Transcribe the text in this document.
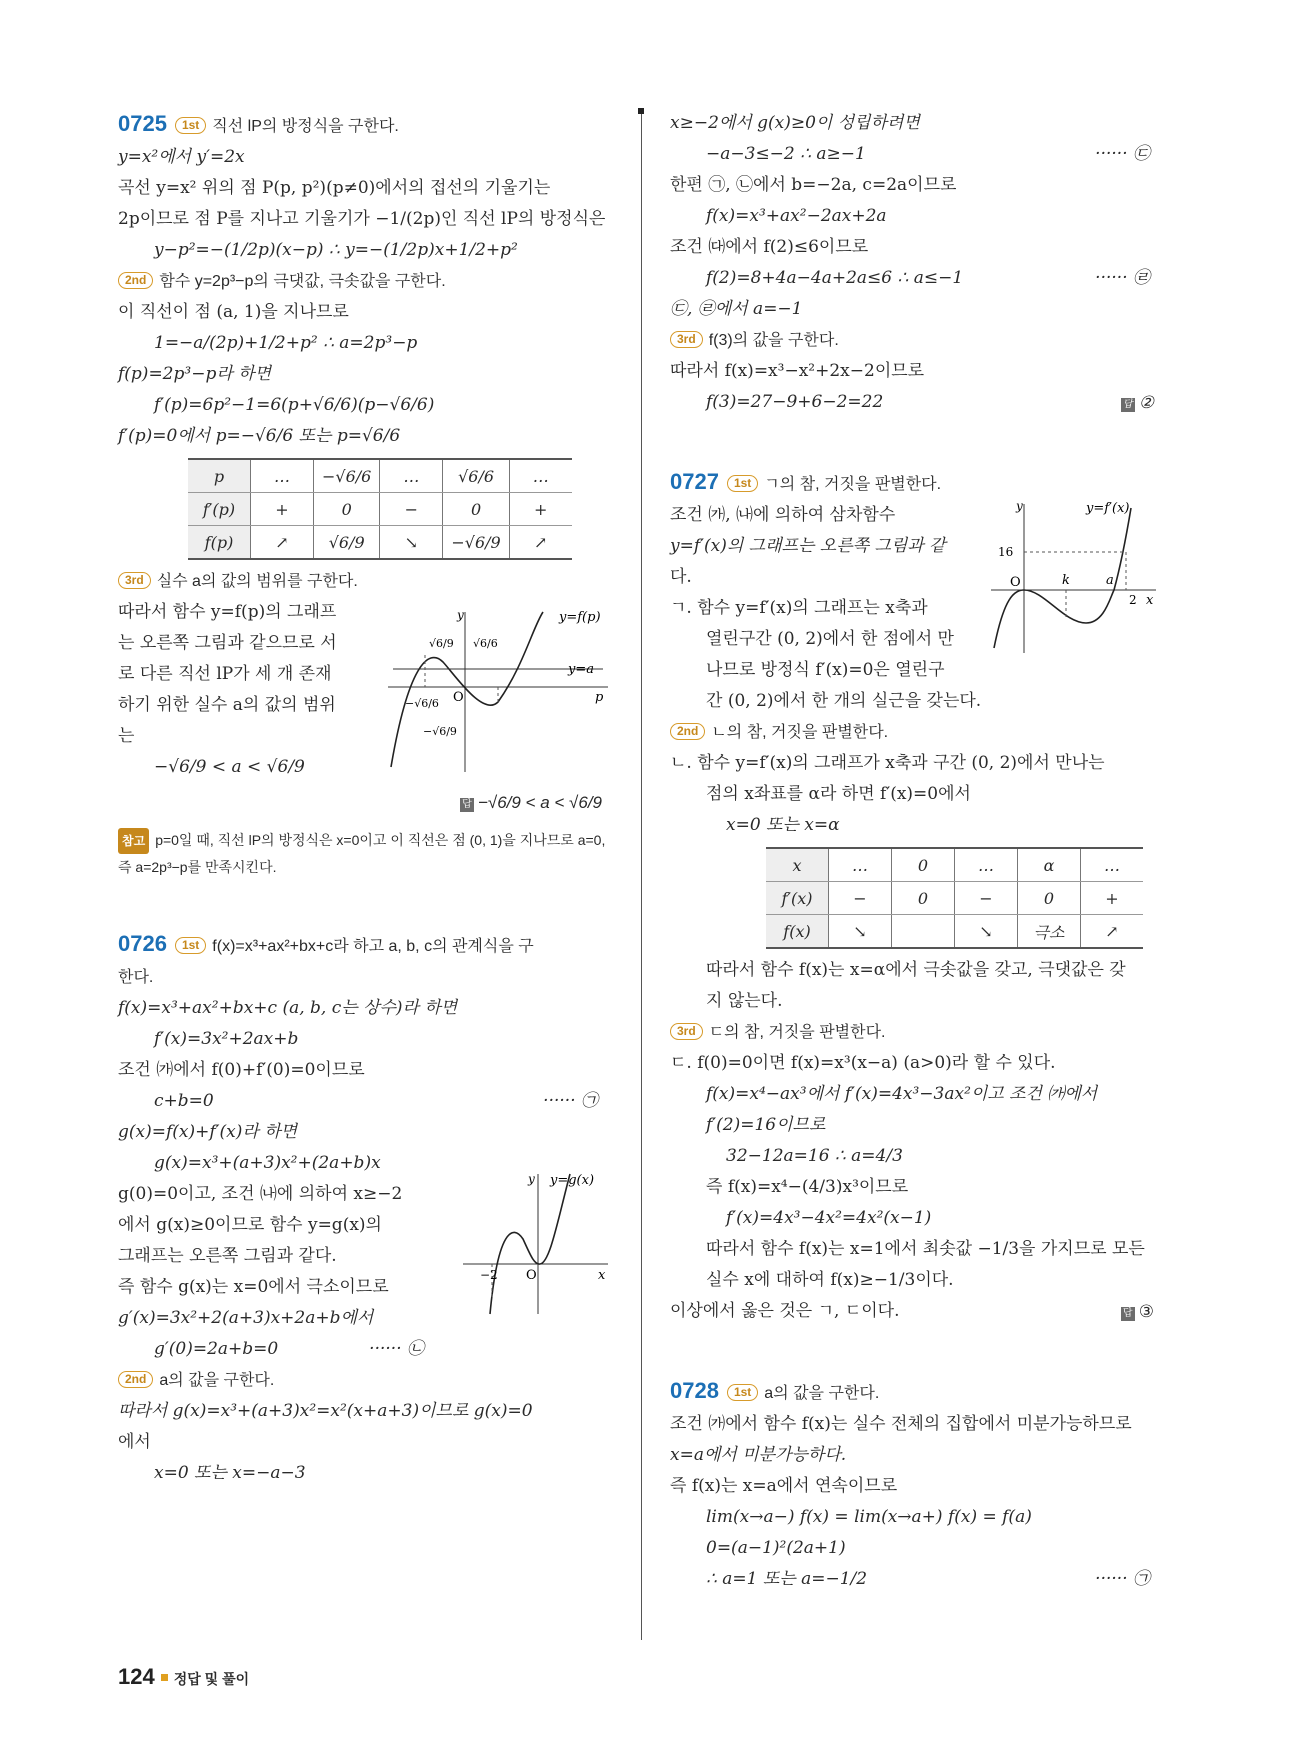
0725 1st 직선 lP의 방정식을 구한다.
y=x²에서 y′=2x
곡선 y=x² 위의 점 P(p, p²)(p≠0)에서의 접선의 기울기는
2p이므로 점 P를 지나고 기울기가 −1/(2p)인 직선 lP의 방정식은
y−p²=−(1/2p)(x−p) ∴ y=−(1/2p)x+1/2+p²
2nd 함수 y=2p³−p의 극댓값, 극솟값을 구한다.
이 직선이 점 (a, 1)을 지나므로
1=−a/(2p)+1/2+p² ∴ a=2p³−p
f(p)=2p³−p라 하면
f′(p)=6p²−1=6(p+√6/6)(p−√6/6)
f′(p)=0에서 p=−√6/6 또는 p=√6/6
p	…	−√6/6	…	√6/6	…
f′(p)	+	0	−	0	+
f(p)	↗	√6/9	↘	−√6/9	↗
3rd 실수 a의 값의 범위를 구한다.
따라서 함수 y=f(p)의 그래프
는 오른쪽 그림과 같으므로 서
로 다른 직선 lP가 세 개 존재
하기 위한 실수 a의 값의 범위
는
−√6/9 < a < √6/9
y=f(p)
y=a
p
y
O
√6/9 √6/6
−√6/6
−√6/9
답 −√6/9 < a < √6/9
참고 p=0일 때, 직선 lP의 방정식은 x=0이고 이 직선은 점 (0, 1)을 지나므로 a=0, 즉 a=2p³−p를 만족시킨다.
0726 1st f(x)=x³+ax²+bx+c라 하고 a, b, c의 관계식을 구
한다.
f(x)=x³+ax²+bx+c (a, b, c는 상수)라 하면
f′(x)=3x²+2ax+b
조건 ㈎에서 f(0)+f′(0)=0이므로
c+b=0	······ ㉠
g(x)=f(x)+f′(x)라 하면
g(x)=x³+(a+3)x²+(2a+b)x
g(0)=0이고, 조건 ㈏에 의하여 x≥−2
에서 g(x)≥0이므로 함수 y=g(x)의
그래프는 오른쪽 그림과 같다.
즉 함수 g(x)는 x=0에서 극소이므로
g′(x)=3x²+2(a+3)x+2a+b에서
g′(0)=2a+b=0	······ ㉡
y=g(x)
y
x
O
−2
2nd a의 값을 구한다.
따라서 g(x)=x³+(a+3)x²=x²(x+a+3)이므로 g(x)=0
에서
x=0 또는 x=−a−3
x≥−2에서 g(x)≥0이 성립하려면
−a−3≤−2 ∴ a≥−1	······ ㉢
한편 ㉠, ㉡에서 b=−2a, c=2a이므로
f(x)=x³+ax²−2ax+2a
조건 ㈐에서 f(2)≤6이므로
f(2)=8+4a−4a+2a≤6 ∴ a≤−1	······ ㉣
㉢, ㉣에서 a=−1
3rd f(3)의 값을 구한다.
따라서 f(x)=x³−x²+2x−2이므로
f(3)=27−9+6−2=22	답 ②
0727 1st ㄱ의 참, 거짓을 판별한다.
조건 ㈎, ㈏에 의하여 삼차함수
y=f′(x)의 그래프는 오른쪽 그림과 같
다.
ㄱ. 함수 y=f′(x)의 그래프는 x축과
열린구간 (0, 2)에서 한 점에서 만
나므로 방정식 f′(x)=0은 열린구
y	y=f′(x)
16
O	k	a
2 x
간 (0, 2)에서 한 개의 실근을 갖는다.
2nd ㄴ의 참, 거짓을 판별한다.
ㄴ. 함수 y=f′(x)의 그래프가 x축과 구간 (0, 2)에서 만나는
점의 x좌표를 α라 하면 f′(x)=0에서
x=0 또는 x=α
x	…	0	…	α	…
f′(x)	−	0	−	0	+
f(x)	↘		↘	극소	↗
따라서 함수 f(x)는 x=α에서 극솟값을 갖고, 극댓값은 갖
지 않는다.
3rd ㄷ의 참, 거짓을 판별한다.
ㄷ. f(0)=0이면 f(x)=x³(x−a) (a>0)라 할 수 있다.
f(x)=x⁴−ax³에서 f′(x)=4x³−3ax²이고 조건 ㈎에서
f′(2)=16이므로
32−12a=16 ∴ a=4/3
즉 f(x)=x⁴−(4/3)x³이므로
f′(x)=4x³−4x²=4x²(x−1)
따라서 함수 f(x)는 x=1에서 최솟값 −1/3을 가지므로 모든
실수 x에 대하여 f(x)≥−1/3이다.
이상에서 옳은 것은 ㄱ, ㄷ이다.	답 ③
0728 1st a의 값을 구한다.
조건 ㈎에서 함수 f(x)는 실수 전체의 집합에서 미분가능하므로
x=a에서 미분가능하다.
즉 f(x)는 x=a에서 연속이므로
lim(x→a−) f(x) = lim(x→a+) f(x) = f(a)
0=(a−1)²(2a+1)
∴ a=1 또는 a=−1/2	······ ㉠
124 정답 및 풀이
